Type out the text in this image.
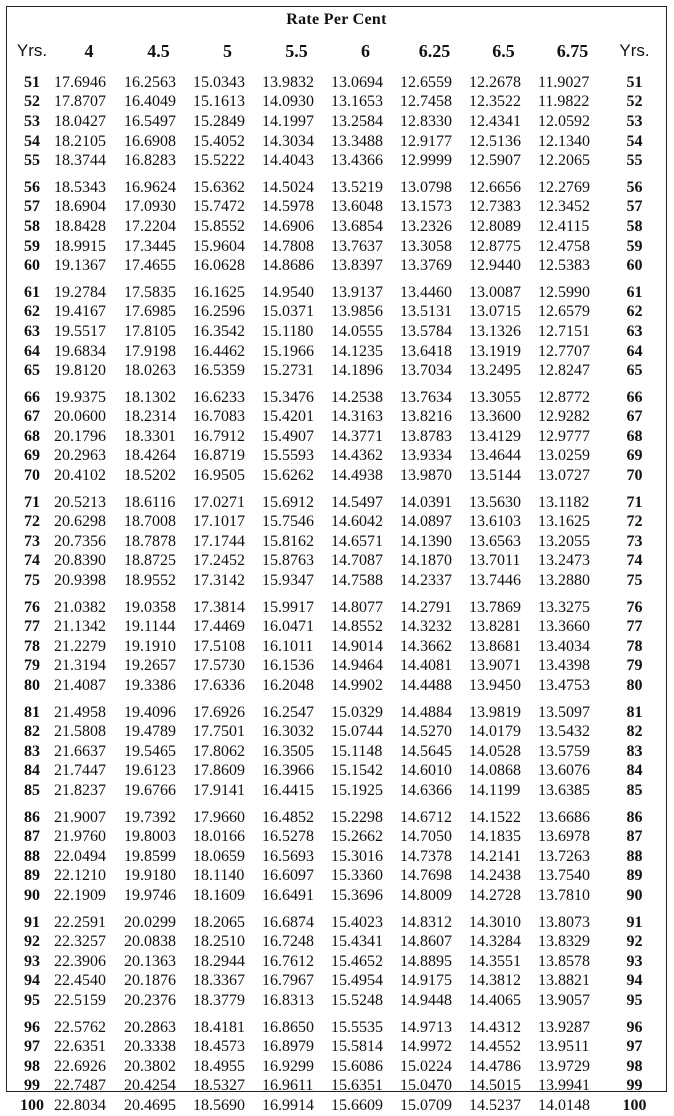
Rate Per Cent
Yrs.	4	4.5	5	5.5	6	6.25	6.5	6.75	Yrs.
51	17.6946	16.2563	15.0343	13.9832	13.0694	12.6559	12.2678	11.9027	51
52	17.8707	16.4049	15.1613	14.0930	13.1653	12.7458	12.3522	11.9822	52
53	18.0427	16.5497	15.2849	14.1997	13.2584	12.8330	12.4341	12.0592	53
54	18.2105	16.6908	15.4052	14.3034	13.3488	12.9177	12.5136	12.1340	54
55	18.3744	16.8283	15.5222	14.4043	13.4366	12.9999	12.5907	12.2065	55
56	18.5343	16.9624	15.6362	14.5024	13.5219	13.0798	12.6656	12.2769	56
57	18.6904	17.0930	15.7472	14.5978	13.6048	13.1573	12.7383	12.3452	57
58	18.8428	17.2204	15.8552	14.6906	13.6854	13.2326	12.8089	12.4115	58
59	18.9915	17.3445	15.9604	14.7808	13.7637	13.3058	12.8775	12.4758	59
60	19.1367	17.4655	16.0628	14.8686	13.8397	13.3769	12.9440	12.5383	60
61	19.2784	17.5835	16.1625	14.9540	13.9137	13.4460	13.0087	12.5990	61
62	19.4167	17.6985	16.2596	15.0371	13.9856	13.5131	13.0715	12.6579	62
63	19.5517	17.8105	16.3542	15.1180	14.0555	13.5784	13.1326	12.7151	63
64	19.6834	17.9198	16.4462	15.1966	14.1235	13.6418	13.1919	12.7707	64
65	19.8120	18.0263	16.5359	15.2731	14.1896	13.7034	13.2495	12.8247	65
66	19.9375	18.1302	16.6233	15.3476	14.2538	13.7634	13.3055	12.8772	66
67	20.0600	18.2314	16.7083	15.4201	14.3163	13.8216	13.3600	12.9282	67
68	20.1796	18.3301	16.7912	15.4907	14.3771	13.8783	13.4129	12.9777	68
69	20.2963	18.4264	16.8719	15.5593	14.4362	13.9334	13.4644	13.0259	69
70	20.4102	18.5202	16.9505	15.6262	14.4938	13.9870	13.5144	13.0727	70
71	20.5213	18.6116	17.0271	15.6912	14.5497	14.0391	13.5630	13.1182	71
72	20.6298	18.7008	17.1017	15.7546	14.6042	14.0897	13.6103	13.1625	72
73	20.7356	18.7878	17.1744	15.8162	14.6571	14.1390	13.6563	13.2055	73
74	20.8390	18.8725	17.2452	15.8763	14.7087	14.1870	13.7011	13.2473	74
75	20.9398	18.9552	17.3142	15.9347	14.7588	14.2337	13.7446	13.2880	75
76	21.0382	19.0358	17.3814	15.9917	14.8077	14.2791	13.7869	13.3275	76
77	21.1342	19.1144	17.4469	16.0471	14.8552	14.3232	13.8281	13.3660	77
78	21.2279	19.1910	17.5108	16.1011	14.9014	14.3662	13.8681	13.4034	78
79	21.3194	19.2657	17.5730	16.1536	14.9464	14.4081	13.9071	13.4398	79
80	21.4087	19.3386	17.6336	16.2048	14.9902	14.4488	13.9450	13.4753	80
81	21.4958	19.4096	17.6926	16.2547	15.0329	14.4884	13.9819	13.5097	81
82	21.5808	19.4789	17.7501	16.3032	15.0744	14.5270	14.0179	13.5432	82
83	21.6637	19.5465	17.8062	16.3505	15.1148	14.5645	14.0528	13.5759	83
84	21.7447	19.6123	17.8609	16.3966	15.1542	14.6010	14.0868	13.6076	84
85	21.8237	19.6766	17.9141	16.4415	15.1925	14.6366	14.1199	13.6385	85
86	21.9007	19.7392	17.9660	16.4852	15.2298	14.6712	14.1522	13.6686	86
87	21.9760	19.8003	18.0166	16.5278	15.2662	14.7050	14.1835	13.6978	87
88	22.0494	19.8599	18.0659	16.5693	15.3016	14.7378	14.2141	13.7263	88
89	22.1210	19.9180	18.1140	16.6097	15.3360	14.7698	14.2438	13.7540	89
90	22.1909	19.9746	18.1609	16.6491	15.3696	14.8009	14.2728	13.7810	90
91	22.2591	20.0299	18.2065	16.6874	15.4023	14.8312	14.3010	13.8073	91
92	22.3257	20.0838	18.2510	16.7248	15.4341	14.8607	14.3284	13.8329	92
93	22.3906	20.1363	18.2944	16.7612	15.4652	14.8895	14.3551	13.8578	93
94	22.4540	20.1876	18.3367	16.7967	15.4954	14.9175	14.3812	13.8821	94
95	22.5159	20.2376	18.3779	16.8313	15.5248	14.9448	14.4065	13.9057	95
96	22.5762	20.2863	18.4181	16.8650	15.5535	14.9713	14.4312	13.9287	96
97	22.6351	20.3338	18.4573	16.8979	15.5814	14.9972	14.4552	13.9511	97
98	22.6926	20.3802	18.4955	16.9299	15.6086	15.0224	14.4786	13.9729	98
99	22.7487	20.4254	18.5327	16.9611	15.6351	15.0470	14.5015	13.9941	99
100	22.8034	20.4695	18.5690	16.9914	15.6609	15.0709	14.5237	14.0148	100
